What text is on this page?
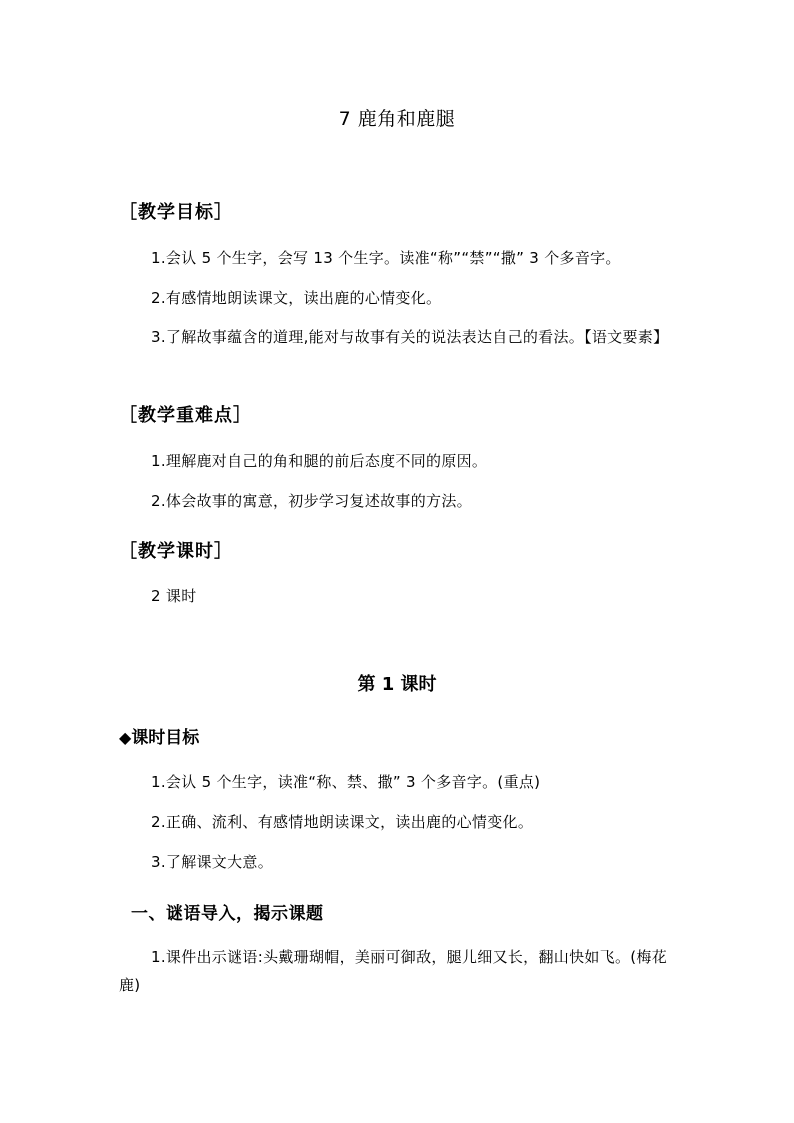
7 鹿角和鹿腿
［教学目标］
1.会认 5 个生字，会写 13 个生字。读准“称”“禁”“撒” 3 个多音字。
2.有感情地朗读课文，读出鹿的心情变化。
3.了解故事蕴含的道理,能对与故事有关的说法表达自己的看法。【语文要素】
［教学重难点］
1.理解鹿对自己的角和腿的前后态度不同的原因。
2.体会故事的寓意，初步学习复述故事的方法。
［教学课时］
2 课时
第 1 课时
◆课时目标
1.会认 5 个生字，读准“称、禁、撒” 3 个多音字。(重点)
2.正确、流利、有感情地朗读课文，读出鹿的心情变化。
3.了解课文大意。
一、谜语导入，揭示课题
1.课件出示谜语:头戴珊瑚帽，美丽可御敌，腿儿细又长，翻山快如飞。(梅花鹿)
